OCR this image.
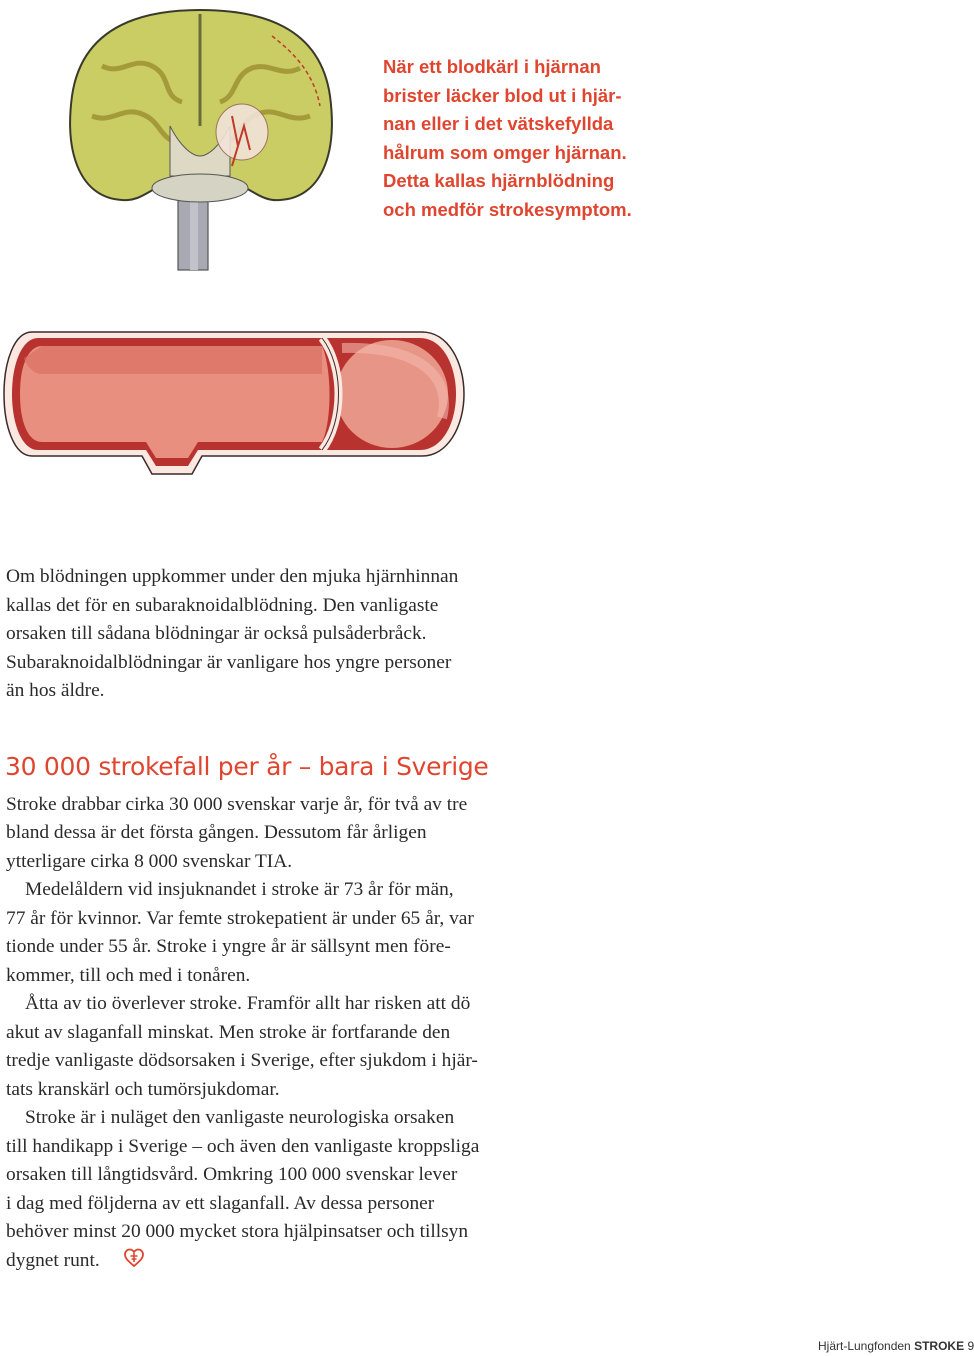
När ett blodkärl i hjärnan
brister läcker blod ut i hjär-
nan eller i det vätskefyllda
hålrum som omger hjärnan.
Detta kallas hjärnblödning
och medför strokesymptom.
Om blödningen uppkommer under den mjuka hjärnhinnan
kallas det för en subaraknoidalblödning. Den vanligaste
orsaken till sådana blödningar är också pulsåderbråck.
Subaraknoidalblödningar är vanligare hos yngre personer
än hos äldre.
30 000 strokefall per år – bara i Sverige
Stroke drabbar cirka 30 000 svenskar varje år, för två av tre
bland dessa är det första gången. Dessutom får årligen
ytterligare cirka 8 000 svenskar TIA.
Medelåldern vid insjuknandet i stroke är 73 år för män,
77 år för kvinnor. Var femte strokepatient är under 65 år, var
tionde under 55 år. Stroke i yngre år är sällsynt men före-
kommer, till och med i tonåren.
Åtta av tio överlever stroke. Framför allt har risken att dö
akut av slaganfall minskat. Men stroke är fortfarande den
tredje vanligaste dödsorsaken i Sverige, efter sjukdom i hjär-
tats kranskärl och tumörsjukdomar.
Stroke är i nuläget den vanligaste neurologiska orsaken
till handikapp i Sverige – och även den vanligaste kroppsliga
orsaken till långtidsvård. Omkring 100 000 svenskar lever
i dag med följderna av ett slaganfall. Av dessa personer
behöver minst 20 000 mycket stora hjälpinsatser och tillsyn
dygnet runt.
Hjärt-Lungfonden STROKE 9
